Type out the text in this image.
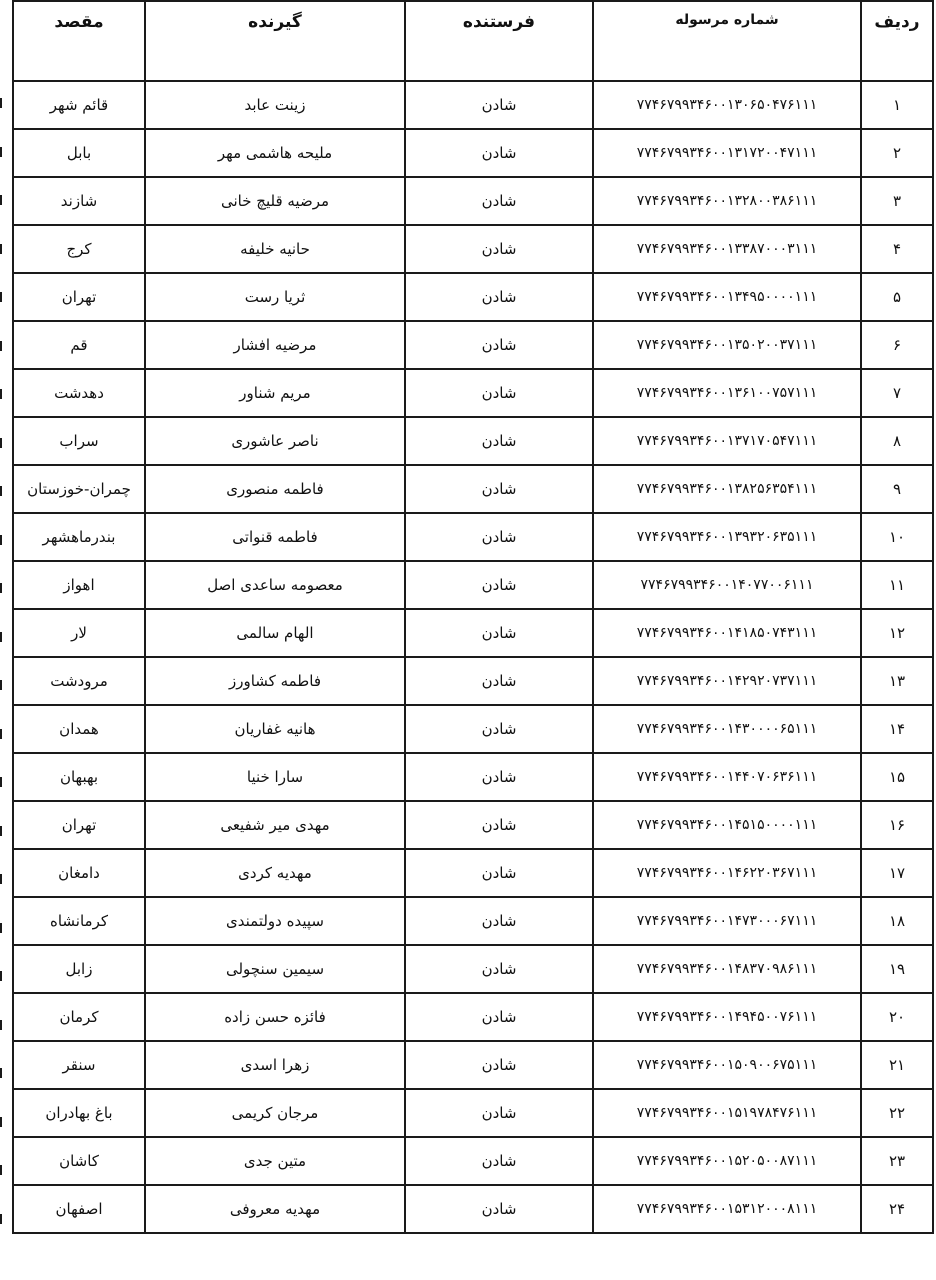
ردیف	شماره مرسوله	فرستنده	گیرنده	مقصد
۱	۷۷۴۶۷۹۹۳۴۶۰۰۱۳۰۶۵۰۴۷۶۱۱۱	شادن	زینت عابد	قائم شهر
۲	۷۷۴۶۷۹۹۳۴۶۰۰۱۳۱۷۲۰۰۴۷۱۱۱	شادن	ملیحه هاشمی مهر	بابل
۳	۷۷۴۶۷۹۹۳۴۶۰۰۱۳۲۸۰۰۳۸۶۱۱۱	شادن	مرضیه قلیچ خانی	شازند
۴	۷۷۴۶۷۹۹۳۴۶۰۰۱۳۳۸۷۰۰۰۳۱۱۱	شادن	حانیه خلیفه	کرج
۵	۷۷۴۶۷۹۹۳۴۶۰۰۱۳۴۹۵۰۰۰۰۱۱۱	شادن	ثریا رست	تهران
۶	۷۷۴۶۷۹۹۳۴۶۰۰۱۳۵۰۲۰۰۳۷۱۱۱	شادن	مرضیه افشار	قم
۷	۷۷۴۶۷۹۹۳۴۶۰۰۱۳۶۱۰۰۷۵۷۱۱۱	شادن	مریم شناور	دهدشت
۸	۷۷۴۶۷۹۹۳۴۶۰۰۱۳۷۱۷۰۵۴۷۱۱۱	شادن	ناصر عاشوری	سراب
۹	۷۷۴۶۷۹۹۳۴۶۰۰۱۳۸۲۵۶۳۵۴۱۱۱	شادن	فاطمه منصوری	چمران-خوزستان
۱۰	۷۷۴۶۷۹۹۳۴۶۰۰۱۳۹۳۲۰۶۳۵۱۱۱	شادن	فاطمه قنواتی	بندرماهشهر
۱۱	۷۷۴۶۷۹۹۳۴۶۰۰۱۴۰۷۷۰۰۶۱۱۱	شادن	معصومه ساعدی اصل	اهواز
۱۲	۷۷۴۶۷۹۹۳۴۶۰۰۱۴۱۸۵۰۷۴۳۱۱۱	شادن	الهام سالمی	لار
۱۳	۷۷۴۶۷۹۹۳۴۶۰۰۱۴۲۹۲۰۷۳۷۱۱۱	شادن	فاطمه کشاورز	مرودشت
۱۴	۷۷۴۶۷۹۹۳۴۶۰۰۱۴۳۰۰۰۰۶۵۱۱۱	شادن	هانیه غفاریان	همدان
۱۵	۷۷۴۶۷۹۹۳۴۶۰۰۱۴۴۰۷۰۶۳۶۱۱۱	شادن	سارا خنیا	بهبهان
۱۶	۷۷۴۶۷۹۹۳۴۶۰۰۱۴۵۱۵۰۰۰۰۱۱۱	شادن	مهدی میر شفیعی	تهران
۱۷	۷۷۴۶۷۹۹۳۴۶۰۰۱۴۶۲۲۰۳۶۷۱۱۱	شادن	مهدیه کردی	دامغان
۱۸	۷۷۴۶۷۹۹۳۴۶۰۰۱۴۷۳۰۰۰۶۷۱۱۱	شادن	سپیده دولتمندی	کرمانشاه
۱۹	۷۷۴۶۷۹۹۳۴۶۰۰۱۴۸۳۷۰۹۸۶۱۱۱	شادن	سیمین سنچولی	زابل
۲۰	۷۷۴۶۷۹۹۳۴۶۰۰۱۴۹۴۵۰۰۷۶۱۱۱	شادن	فائزه حسن زاده	کرمان
۲۱	۷۷۴۶۷۹۹۳۴۶۰۰۱۵۰۹۰۰۶۷۵۱۱۱	شادن	زهرا اسدی	سنقر
۲۲	۷۷۴۶۷۹۹۳۴۶۰۰۱۵۱۹۷۸۴۷۶۱۱۱	شادن	مرجان کریمی	باغ بهادران
۲۳	۷۷۴۶۷۹۹۳۴۶۰۰۱۵۲۰۵۰۰۸۷۱۱۱	شادن	متین جدی	کاشان
۲۴	۷۷۴۶۷۹۹۳۴۶۰۰۱۵۳۱۲۰۰۰۸۱۱۱	شادن	مهدیه معروفی	اصفهان
